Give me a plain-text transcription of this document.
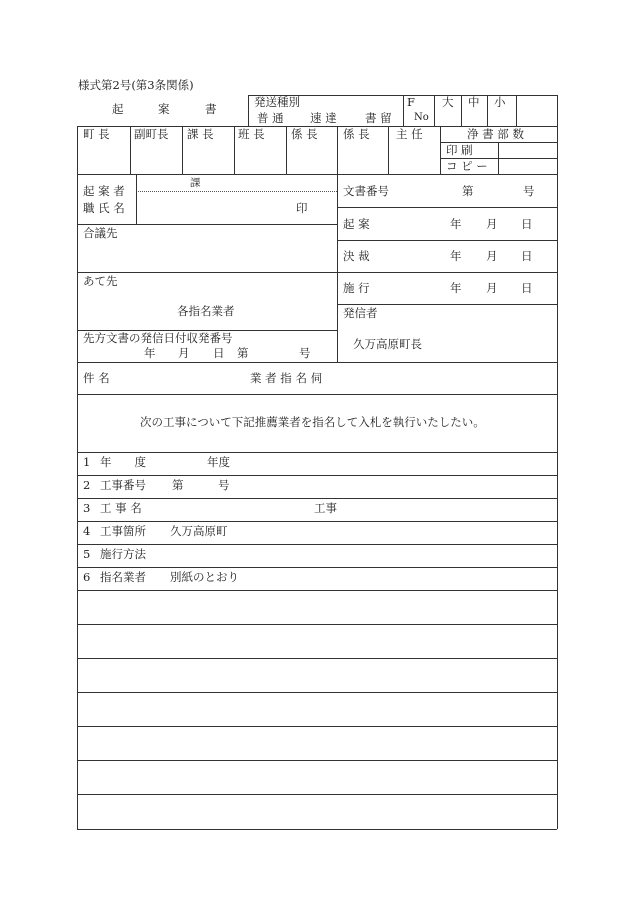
様式第2号(第3条関係)
起	案	書	発送種別
普 通 速 達 書 留
F
No
大 中 小
町 長 副町長 課 長 班 長 係 長 係 長 主 任	浄 書 部 数
印 刷
コ ピ ー
課
起 案 者
職 氏 名	印
文書番号	第	号
起 案	年 月 日
決 裁	年 月 日
施 行	年 月 日
合議先
あて先
各指名業者
先方文書の発信日付収発番号
年 月 日 第	号
発信者
久万高原町長
件 名	業 者 指 名 伺
次の工事について下記推薦業者を指名して入札を執行いたしたい。
1 年　　度	年度
2 工事番号 第　　　号
3 工 事 名	工事
4 工事箇所 久万高原町
5 施行方法
6 指名業者 別紙のとおり
